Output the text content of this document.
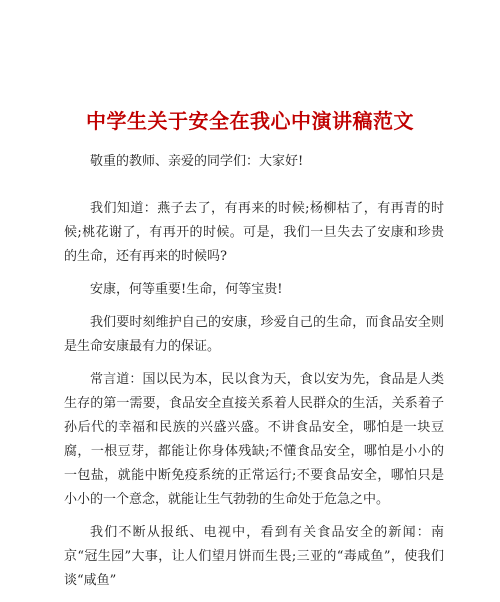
中学生关于安全在我心中演讲稿范文

敬重的教师、亲爱的同学们：大家好!

我们知道：燕子去了，有再来的时候;杨柳枯了，有再青的时候;桃花谢了，有再开的时候。可是，我们一旦失去了安康和珍贵的生命，还有再来的时候吗?

安康，何等重要!生命，何等宝贵!

我们要时刻维护自己的安康，珍爱自己的生命，而食品安全则是生命安康最有力的保证。

常言道：国以民为本，民以食为天，食以安为先，食品是人类生存的第一需要，食品安全直接关系着人民群众的生活，关系着子孙后代的幸福和民族的兴盛兴盛。不讲食品安全，哪怕是一块豆腐，一根豆芽，都能让你身体残缺;不懂食品安全，哪怕是小小的一包盐，就能中断免疫系统的正常运行;不要食品安全，哪怕只是小小的一个意念，就能让生气勃勃的生命处于危急之中。

我们不断从报纸、电视中，看到有关食品安全的新闻：南京“冠生园”大事，让人们望月饼而生畏;三亚的“毒咸鱼”，使我们谈“咸鱼”
